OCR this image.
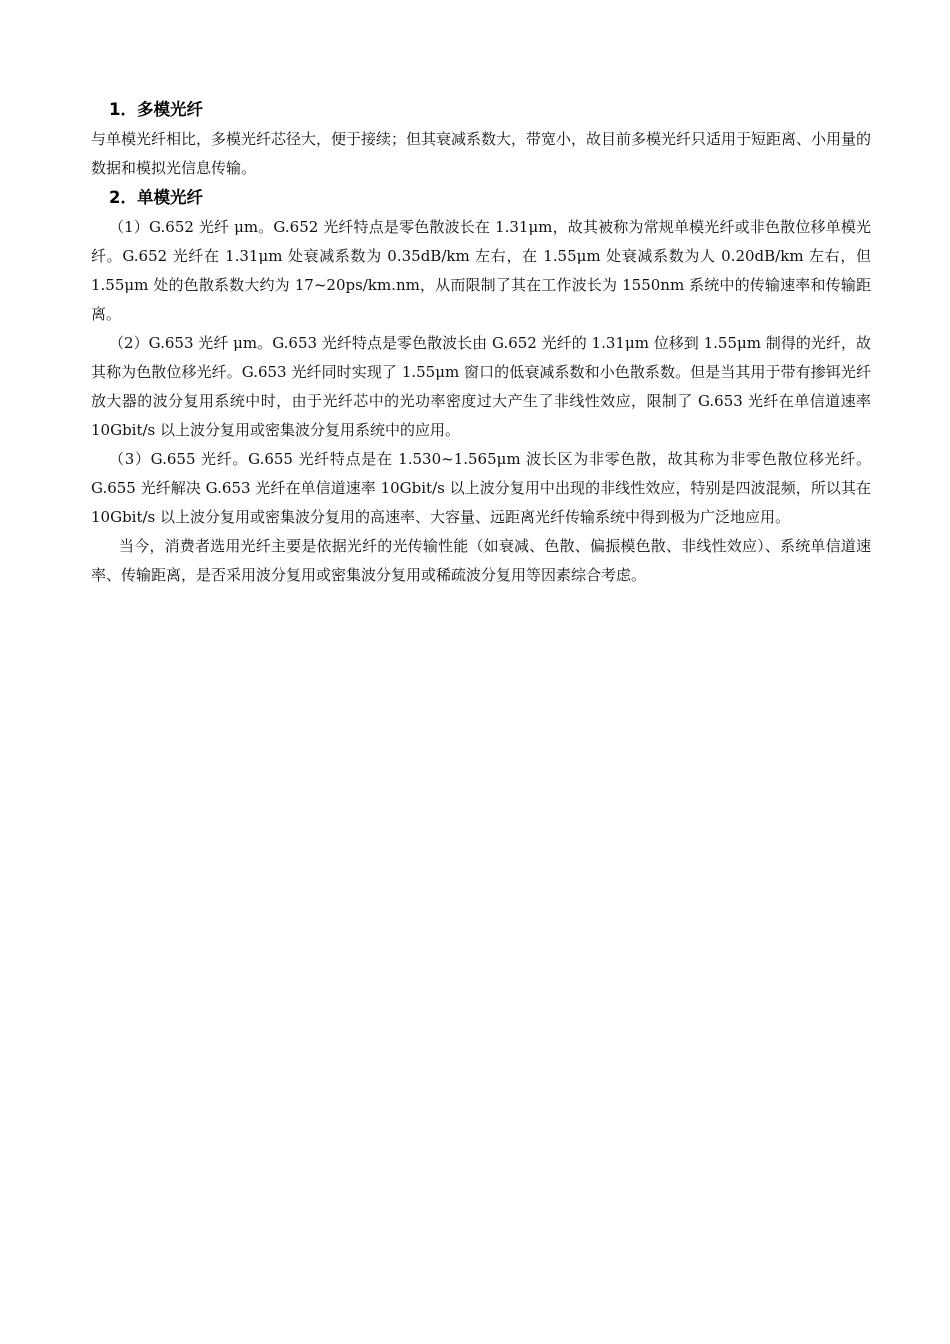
1．多模光纤

与单模光纤相比，多模光纤芯径大，便于接续；但其衰减系数大，带宽小，故目前多模光纤只适用于短距离、小用量的数据和模拟光信息传输。

2．单模光纤

（1）G.652 光纤 μm。G.652 光纤特点是零色散波长在 1.31μm，故其被称为常规单模光纤或非色散位移单模光纤。G.652 光纤在 1.31μm 处衰减系数为 0.35dB/km 左右，在 1.55μm 处衰减系数为人 0.20dB/km 左右，但 1.55μm 处的色散系数大约为 17~20ps/km.nm，从而限制了其在工作波长为 1550nm 系统中的传输速率和传输距离。

（2）G.653 光纤 μm。G.653 光纤特点是零色散波长由 G.652 光纤的 1.31μm 位移到 1.55μm 制得的光纤，故其称为色散位移光纤。G.653 光纤同时实现了 1.55μm 窗口的低衰减系数和小色散系数。但是当其用于带有掺铒光纤放大器的波分复用系统中时，由于光纤芯中的光功率密度过大产生了非线性效应，限制了 G.653 光纤在单信道速率 10Gbit/s 以上波分复用或密集波分复用系统中的应用。

（3）G.655 光纤。G.655 光纤特点是在 1.530~1.565μm 波长区为非零色散，故其称为非零色散位移光纤。G.655 光纤解决 G.653 光纤在单信道速率 10Gbit/s 以上波分复用中出现的非线性效应，特别是四波混频，所以其在 10Gbit/s 以上波分复用或密集波分复用的高速率、大容量、远距离光纤传输系统中得到极为广泛地应用。

当今，消费者选用光纤主要是依据光纤的光传输性能（如衰减、色散、偏振模色散、非线性效应）、系统单信道速率、传输距离，是否采用波分复用或密集波分复用或稀疏波分复用等因素综合考虑。
